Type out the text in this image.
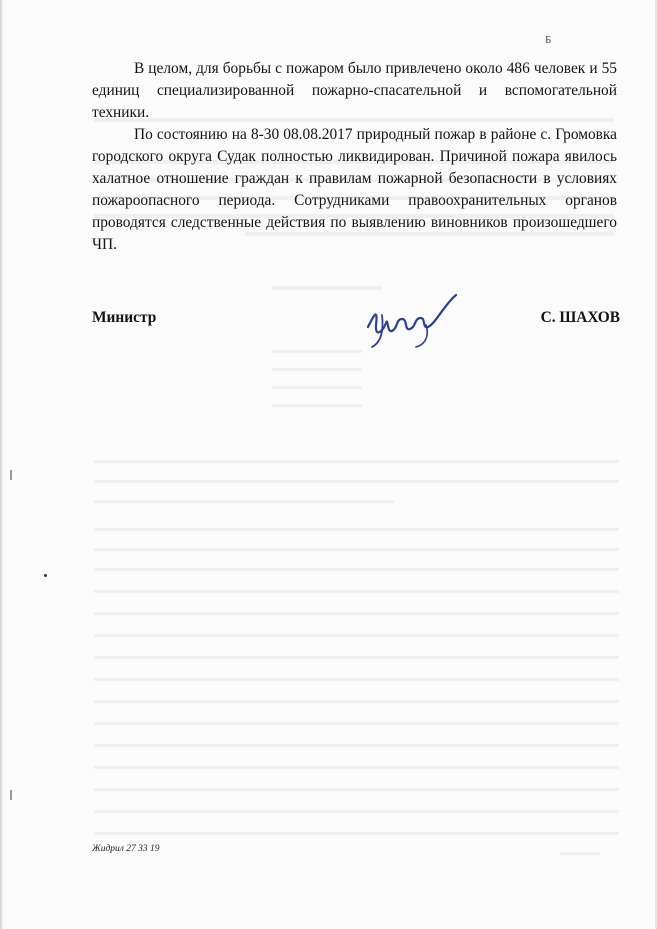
Б

В целом, для борьбы с пожаром было привлечено около 486 человек и 55 единиц специализированной пожарно-спасательной и вспомогательной техники.

По состоянию на 8-30 08.08.2017 природный пожар в районе с. Громовка городского округа Судак полностью ликвидирован. Причиной пожара явилось халатное отношение граждан к правилам пожарной безопасности в условиях пожароопасного периода. Сотрудниками правоохранительных органов проводятся следственные действия по выявлению виновников произошедшего ЧП.

Министр	С. ШАХОВ
Жидрил 27 33 19
